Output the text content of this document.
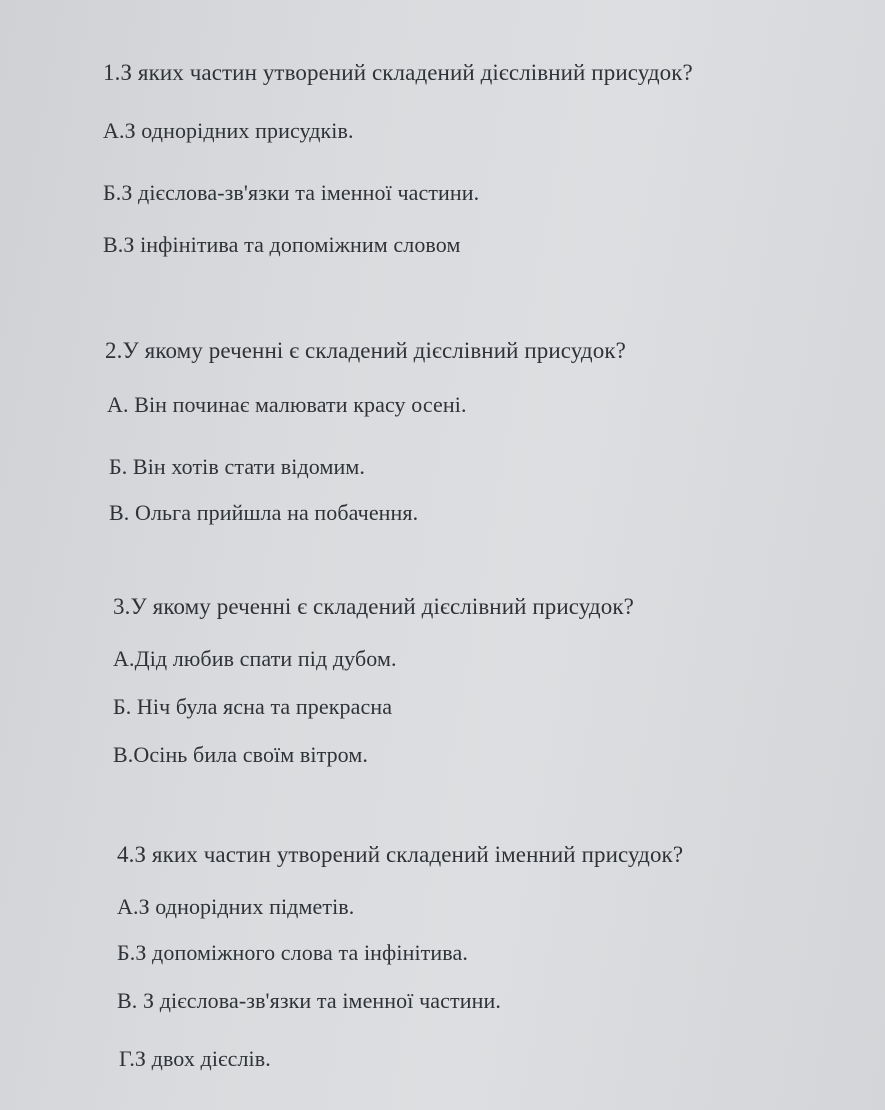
1.З яких частин утворений складений дієслівний присудок?
А.З однорідних присудків.
Б.З дієслова-зв'язки та іменної частини.
В.З інфінітива та допоміжним словом
2.У якому реченні є складений дієслівний присудок?
А. Він починає малювати красу осені.
Б. Він хотів стати відомим.
В. Ольга прийшла на побачення.
3.У якому реченні є складений дієслівний присудок?
А.Дід любив спати під дубом.
Б. Ніч була ясна та прекрасна
В.Осінь била своїм вітром.
4.З яких частин утворений складений іменний присудок?
А.З однорідних підметів.
Б.З допоміжного слова та інфінітива.
В. З дієслова-зв'язки та іменної частини.
Г.З двох дієслів.
